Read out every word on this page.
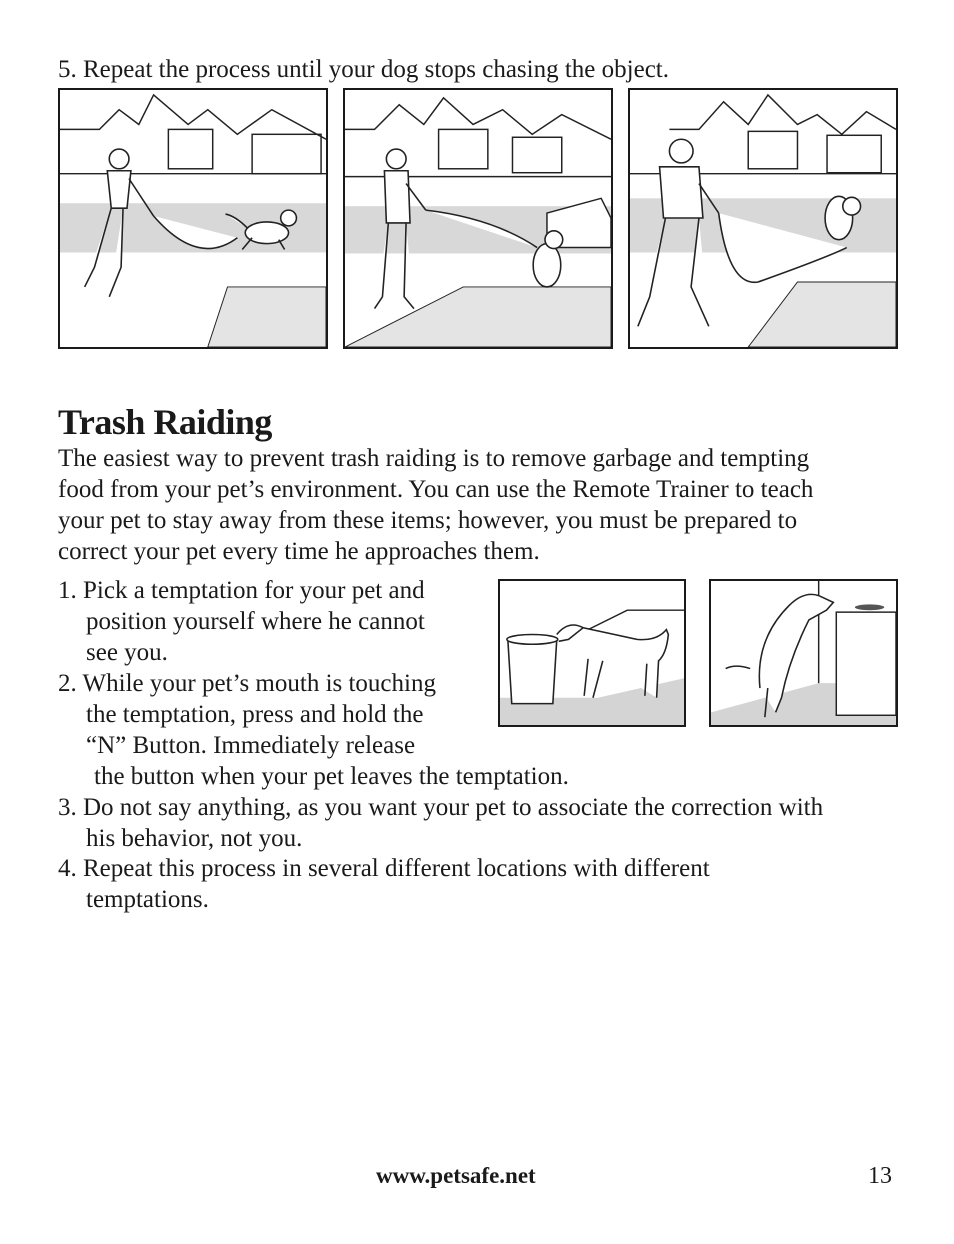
5. Repeat the process until your dog stops chasing the object.
Trash Raiding
The easiest way to prevent trash raiding is to remove garbage and tempting
food from your pet’s environment. You can use the Remote Trainer to teach
your pet to stay away from these items; however, you must be prepared to
correct your pet every time he approaches them.
1. Pick a temptation for your pet and
position yourself where he cannot
see you.
2. While your pet’s mouth is touching
the temptation, press and hold the
“N” Button. Immediately release
the button when your pet leaves the temptation.
3. Do not say anything, as you want your pet to associate the correction with
his behavior, not you.
4. Repeat this process in several different locations with different
temptations.
www.petsafe.net	13
